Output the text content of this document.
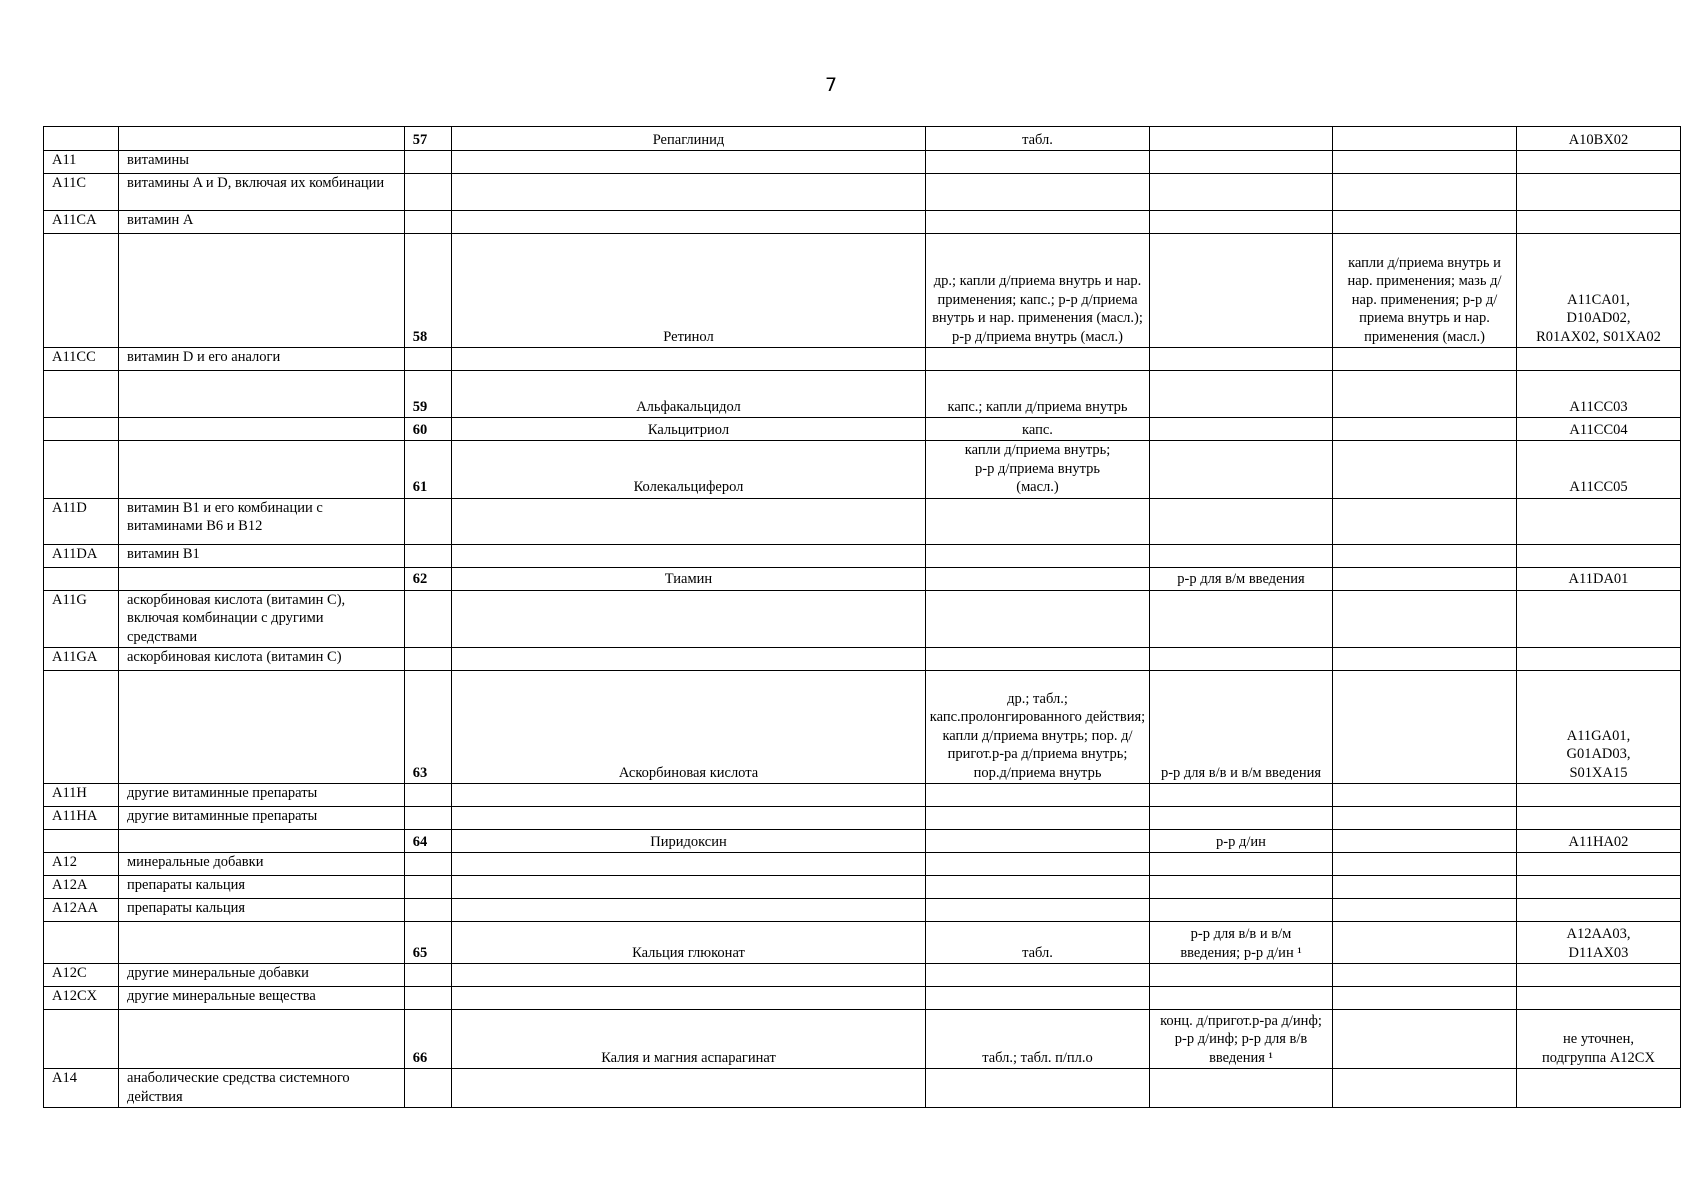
7
		57	Репаглинид	табл.			A10BX02
A11	витамины						
A11C	витамины A и D, включая их комбинации						
A11CA	витамин A						
		58	Ретинол	др.; капли д/приема внутрь и нар. применения; капс.; р-р д/приема внутрь и нар. применения (масл.); р-р д/приема внутрь (масл.)		капли д/приема внутрь и нар. применения; мазь д/нар. применения; р-р д/приема внутрь и нар. применения (масл.)	A11CA01,
D10AD02,
R01AX02, S01XA02
A11CC	витамин D и его аналоги						
		59	Альфакальцидол	капс.; капли д/приема внутрь			A11CC03
		60	Кальцитриол	капс.			A11CC04
		61	Колекальциферол	капли д/приема внутрь;
р-р д/приема внутрь
(масл.)			A11CC05
A11D	витамин B1 и его комбинации с витаминами B6 и B12						
A11DA	витамин B1						
		62	Тиамин		р-р для в/м введения		A11DA01
A11G	аскорбиновая кислота (витамин C), включая комбинации с другими средствами						
A11GA	аскорбиновая кислота (витамин C)						
		63	Аскорбиновая кислота	др.; табл.;
капс.пролонгированного действия; капли д/приема внутрь; пор. д/пригот.р-ра д/приема внутрь;
пор.д/приема внутрь	р-р для в/в и в/м введения		A11GA01,
G01AD03,
S01XA15
A11H	другие витаминные препараты						
A11HA	другие витаминные препараты						
		64	Пиридоксин		р-р д/ин		A11HA02
A12	минеральные добавки						
A12A	препараты кальция						
A12AA	препараты кальция						
		65	Кальция глюконат	табл.	р-р для в/в и в/м
введения; р-р д/ин ¹		A12AA03,
D11AX03
A12C	другие минеральные добавки						
A12CX	другие минеральные вещества						
		66	Калия и магния аспарагинат	табл.; табл. п/пл.о	конц. д/пригот.р-ра д/инф; р-р д/инф; р-р для в/в введения ¹		не уточнен,
подгруппа A12CX
A14	анаболические средства системного действия						
